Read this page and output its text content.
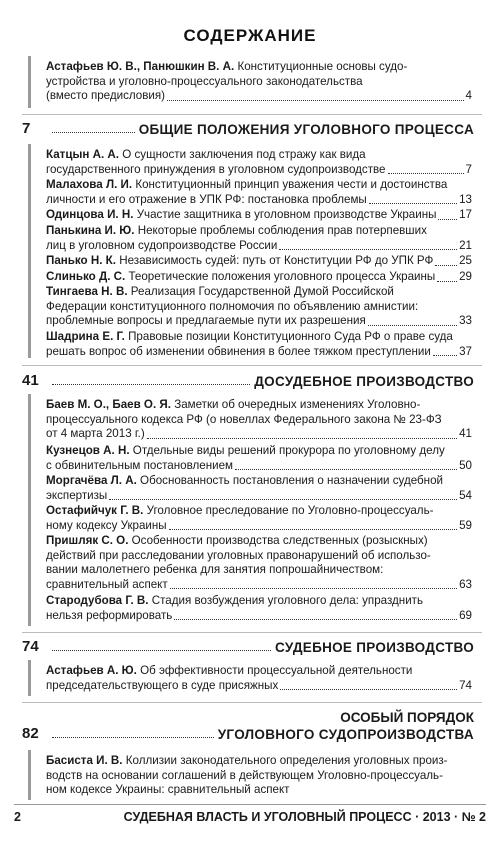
СОДЕРЖАНИЕ
Астафьев Ю. В., Панюшкин В. А. Конституционные основы судо-
устройства и уголовно-процессуального законодательства
(вместо предисловия)	4
7	ОБЩИЕ ПОЛОЖЕНИЯ УГОЛОВНОГО ПРОЦЕССА
Катцын А. А. О сущности заключения под стражу как вида
государственного принуждения в уголовном судопроизводстве	7
Малахова Л. И. Конституционный принцип уважения чести и достоинства
личности и его отражение в УПК РФ: постановка проблемы	13
Одинцова И. Н. Участие защитника в уголовном производстве Украины 17
Панькина И. Ю. Некоторые проблемы соблюдения прав потерпевших
лиц в уголовном судопроизводстве России	21
Панько Н. К. Независимость судей: путь от Конституции РФ до УПК РФ 25
Слинько Д. С. Теоретические положения уголовного процесса Украины 29
Тингаева Н. В. Реализация Государственной Думой Российской
Федерации конституционного полномочия по объявлению амнистии:
проблемные вопросы и предлагаемые пути их разрешения	33
Шадрина Е. Г. Правовые позиции Конституционного Суда РФ о праве суда
решать вопрос об изменении обвинения в более тяжком преступлении 37
41	ДОСУДЕБНОЕ ПРОИЗВОДСТВО
Баев М. О., Баев О. Я. Заметки об очередных изменениях Уголовно-
процессуального кодекса РФ (о новеллах Федерального закона № 23-ФЗ
от 4 марта 2013 г.)	41
Кузнецов А. Н. Отдельные виды решений прокурора по уголовному делу
с обвинительным постановлением	50
Моргачёва Л. А. Обоснованность постановления о назначении судебной
экспертизы	54
Остафийчук Г. В. Уголовное преследование по Уголовно-процессуаль-
ному кодексу Украины	59
Пришляк С. О. Особенности производства следственных (розыскных)
действий при расследовании уголовных правонарушений об использо-
вании малолетнего ребенка для занятия попрошайничеством:
сравнительный аспект	63
Стародубова Г. В. Стадия возбуждения уголовного дела: упразднить
нельзя реформировать	69
74	СУДЕБНОЕ ПРОИЗВОДСТВО
Астафьев А. Ю. Об эффективности процессуальной деятельности
председательствующего в суде присяжных	74
ОСОБЫЙ ПОРЯДОК
82	УГОЛОВНОГО СУДОПРОИЗВОДСТВА
Басиста И. В. Коллизии законодательного определения уголовных произ-
водств на основании соглашений в действующем Уголовно-процессуаль-
ном кодексе Украины: сравнительный аспект
2	СУДЕБНАЯ ВЛАСТЬ И УГОЛОВНЫЙ ПРОЦЕСС · 2013 · № 2
